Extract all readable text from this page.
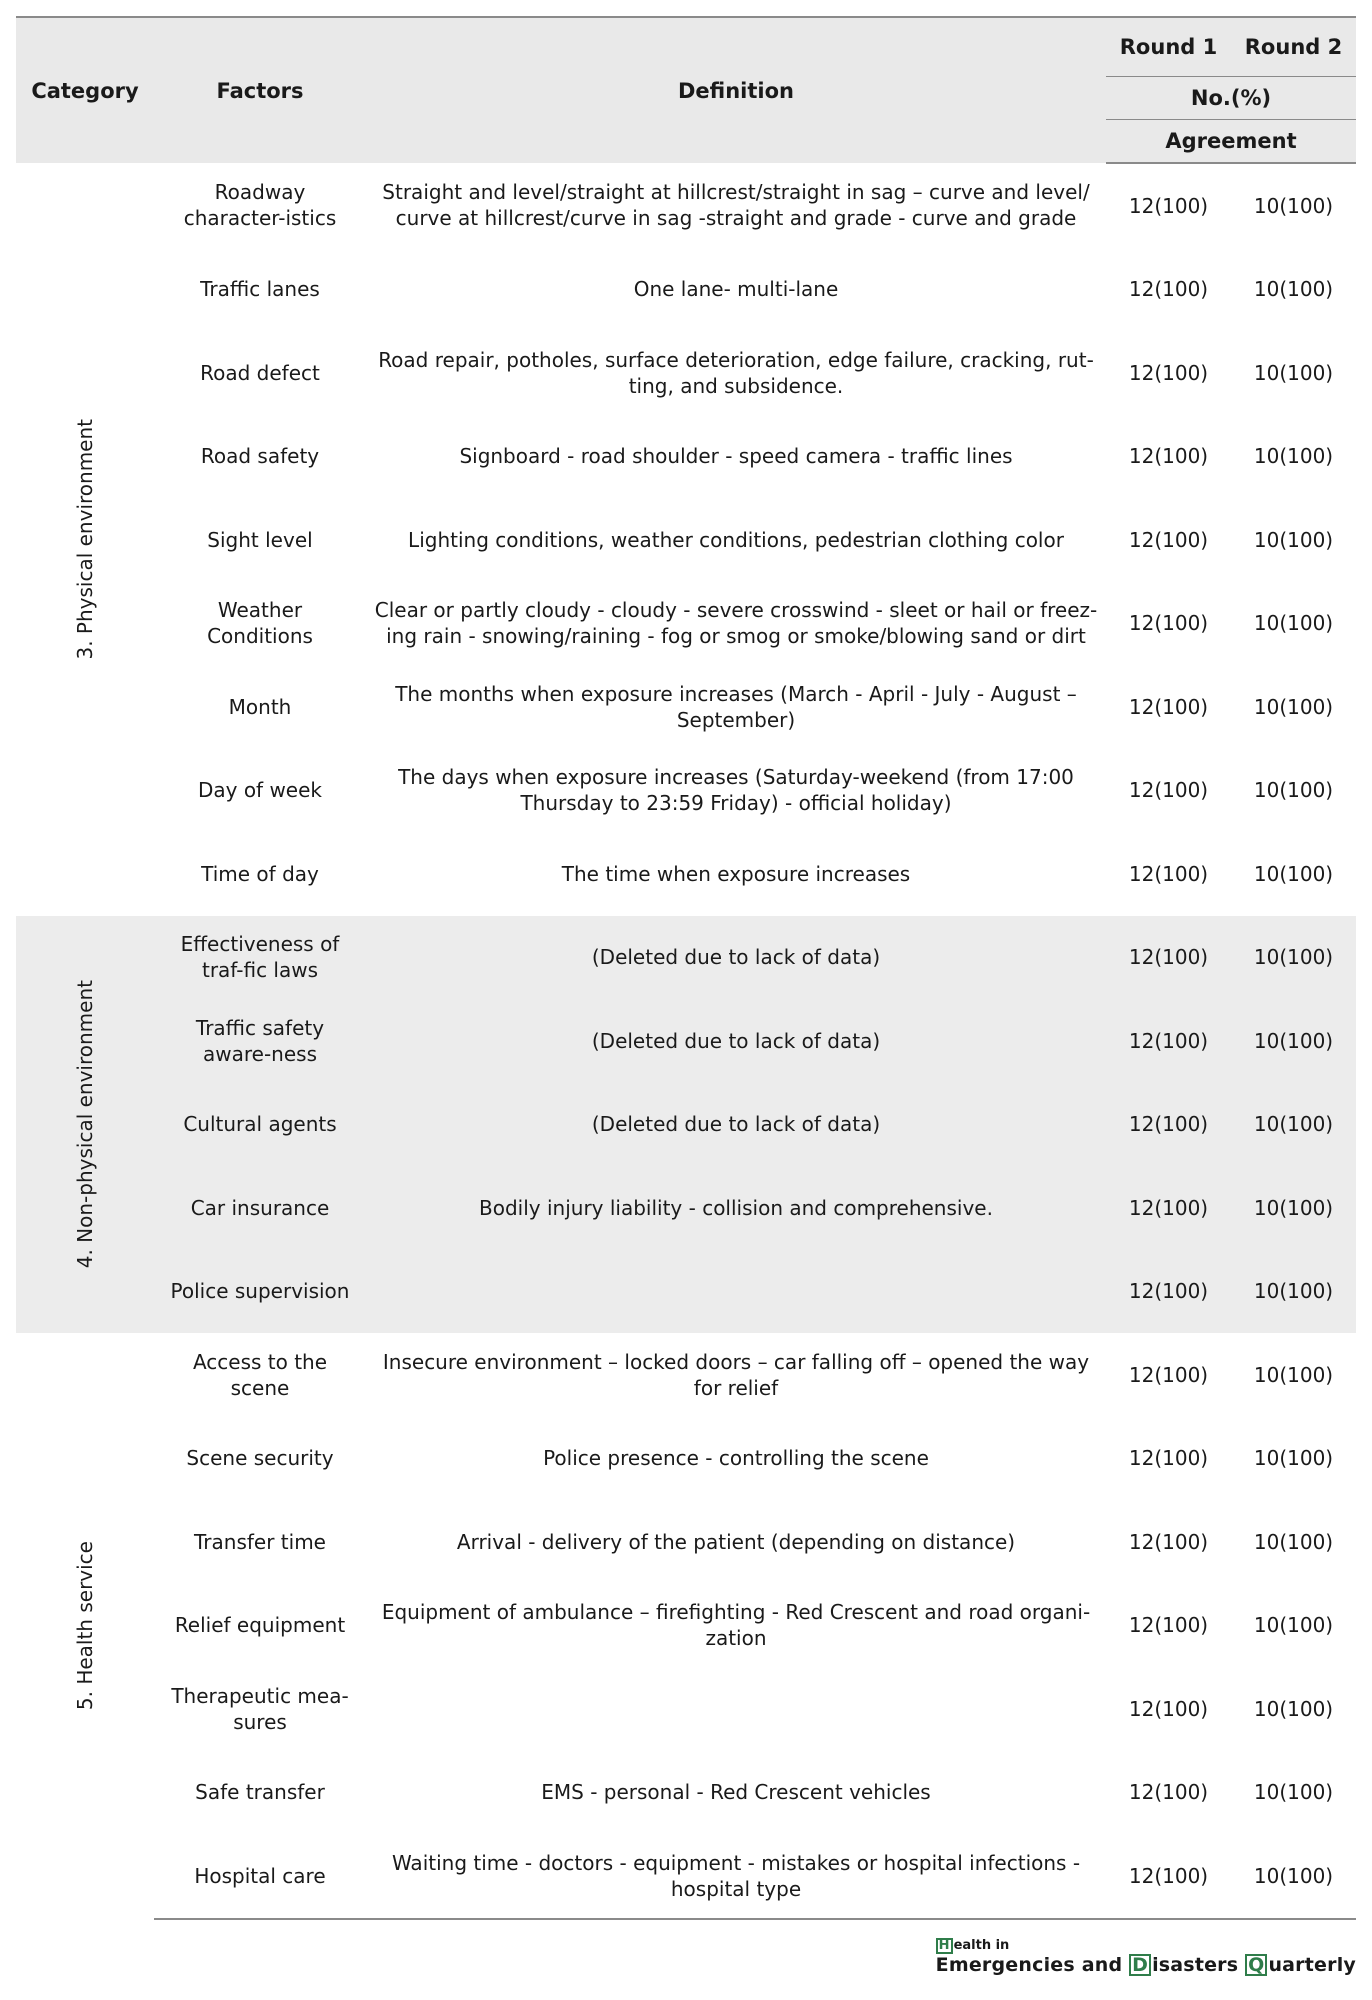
Category	Factors	Definition	Round 1	Round 2
			No.(%)	
			Agreement	

3. Physical environment	Roadway character-istics	Straight and level/straight at hillcrest/straight in sag – curve and level/ curve at hillcrest/curve in sag -straight and grade - curve and grade	12(100)	10(100)
	Traffic lanes	One lane- multi-lane	12(100)	10(100)
	Road defect	Road repair, potholes, surface deterioration, edge failure, cracking, rut-ting, and subsidence.	12(100)	10(100)
	Road safety	Signboard - road shoulder - speed camera - traffic lines	12(100)	10(100)
	Sight level	Lighting conditions, weather conditions, pedestrian clothing color	12(100)	10(100)
	Weather Conditions	Clear or partly cloudy - cloudy - severe crosswind - sleet or hail or freez-ing rain - snowing/raining - fog or smog or smoke/blowing sand or dirt	12(100)	10(100)
	Month	The months when exposure increases (March - April - July - August – September)	12(100)	10(100)
	Day of week	The days when exposure increases (Saturday-weekend (from 17:00 Thursday to 23:59 Friday) - official holiday)	12(100)	10(100)
	Time of day	The time when exposure increases	12(100)	10(100)

4. Non-physical environment	Effectiveness of traf-fic laws	(Deleted due to lack of data)	12(100)	10(100)
	Traffic safety aware-ness	(Deleted due to lack of data)	12(100)	10(100)
	Cultural agents	(Deleted due to lack of data)	12(100)	10(100)
	Car insurance	Bodily injury liability - collision and comprehensive.	12(100)	10(100)
	Police supervision		12(100)	10(100)

5. Health service	Access to the scene	Insecure environment – locked doors – car falling off – opened the way for relief	12(100)	10(100)
	Scene security	Police presence - controlling the scene	12(100)	10(100)
	Transfer time	Arrival - delivery of the patient (depending on distance)	12(100)	10(100)
	Relief equipment	Equipment of ambulance – firefighting - Red Crescent and road organi-zation	12(100)	10(100)
	Therapeutic mea-sures		12(100)	10(100)
	Safe transfer	EMS - personal - Red Crescent vehicles	12(100)	10(100)
	Hospital care	Waiting time - doctors - equipment - mistakes or hospital infections - hospital type	12(100)	10(100)
H ealth in
Emergencies and D isasters Q uarterly
